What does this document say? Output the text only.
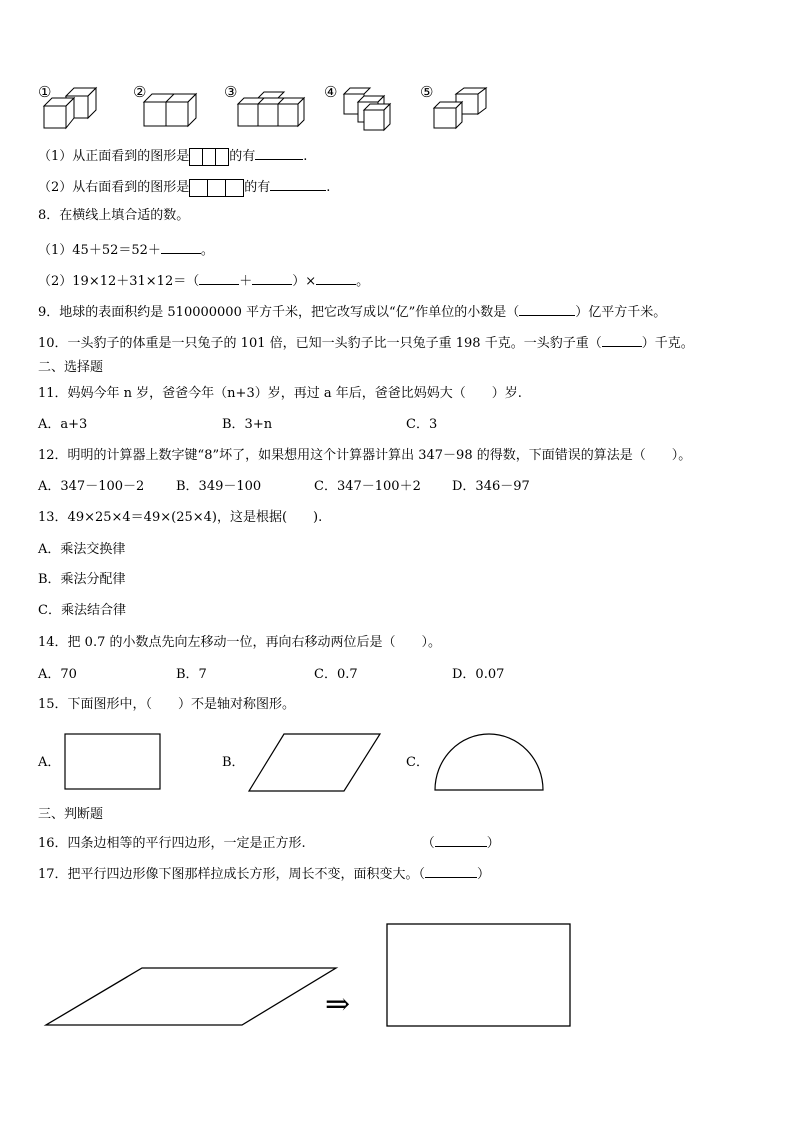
①	②	③	④	⑤
（1）从正面看到的图形是	的有	.
（2）从右面看到的图形是	的有	.
8．在横线上填合适的数。
（1）45＋52＝52＋	。
（2）19×12＋31×12＝（	＋	）×	。
9．地球的表面积约是 510000000 平方千米，把它改写成以“亿”作单位的小数是（	）亿平方千米。
10．一头豹子的体重是一只兔子的 101 倍，已知一头豹子比一只兔子重 198 千克。一头豹子重（	）千克。
二、选择题
11．妈妈今年 n 岁，爸爸今年（n+3）岁，再过 a 年后，爸爸比妈妈大（　　）岁.
A．a+3	B．3+n	C．3
12．明明的计算器上数字键“8”坏了，如果想用这个计算器计算出 347－98 的得数，下面错误的算法是（　　）。
A．347－100－2 B．349－100	C．347－100＋2 D．346－97
13．49×25×4＝49×(25×4)，这是根据(　　).
A．乘法交换律
B．乘法分配律
C．乘法结合律
14．把 0.7 的小数点先向左移动一位，再向右移动两位后是（　　）。
A．70	B．7	C．0.7	D．0.07
15．下面图形中，（　　）不是轴对称图形。
A．	B．	C．
三、判断题
16．四条边相等的平行四边形，一定是正方形.	（	）
17．把平行四边形像下图那样拉成长方形，周长不变，面积变大。（	）
⇒
